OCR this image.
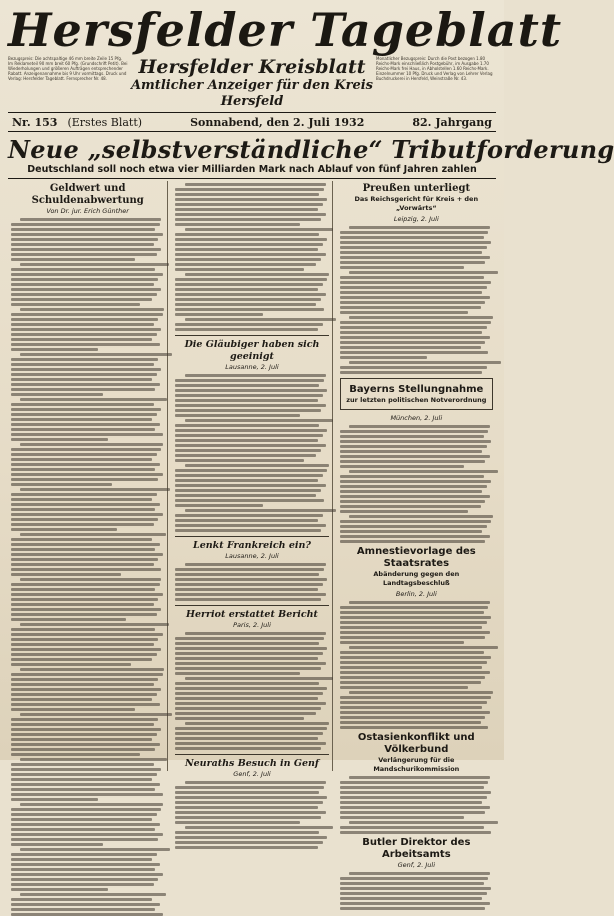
Hersfelder Tageblatt
Bezugspreis: Die achtspaltige 46 mm breite Zeile 15 Pfg. Im Reklameteil 90 mm breit 60 Pfg. (Grundschrift Petit). Bei Wiederholungen und größeren Aufträgen entsprechender Rabatt. Anzeigenannahme bis 9 Uhr vormittags. Druck und Verlag: Hersfelder Tageblatt. Fernsprecher Nr. 48.
Hersfelder Kreisblatt
Amtlicher Anzeiger für den Kreis Hersfeld
Monatlicher Bezugspreis: Durch die Post bezogen 1.80 Reichs-Mark einschließlich Postgebühr, im Ausgabe 1.70 Reichs-Mark frei Haus, in Abholstellen 1.60 Reichs-Mark. Einzelnummer 10 Pfg. Druck und Verlag von Lehrer Verlag Buchdruckerei in Hersfeld, Weinstraße Nr. 43.
Nr. 153 (Erstes Blatt)	Sonnabend, den 2. Juli 1932	82. Jahrgang
Neue „selbstverständliche“ Tributforderung
Deutschland soll noch etwa vier Milliarden Mark nach Ablauf von fünf Jahren zahlen
Geldwert und Schuldenabwertung
Von Dr. jur. Erich Günther
Die Gläubiger haben sich geeinigt
Lausanne, 2. Juli
Lenkt Frankreich ein?
Lausanne, 2. Juli
Herriot erstattet Bericht
Paris, 2. Juli
Neuraths Besuch in Genf
Genf, 2. Juli
Preußen unterliegt
Das Reichsgericht für Kreis + den „Vorwärts“
Leipzig, 2. Juli
Bayerns Stellungnahme
zur letzten politischen Notverordnung
München, 2. Juli
Amnestievorlage des Staatsrates
Abänderung gegen den Landtagsbeschluß
Berlin, 2. Juli
Ostasienkonflikt und Völkerbund
Verlängerung für die Mandschurikommission
Butler Direktor des Arbeitsamts
Genf, 2. Juli
